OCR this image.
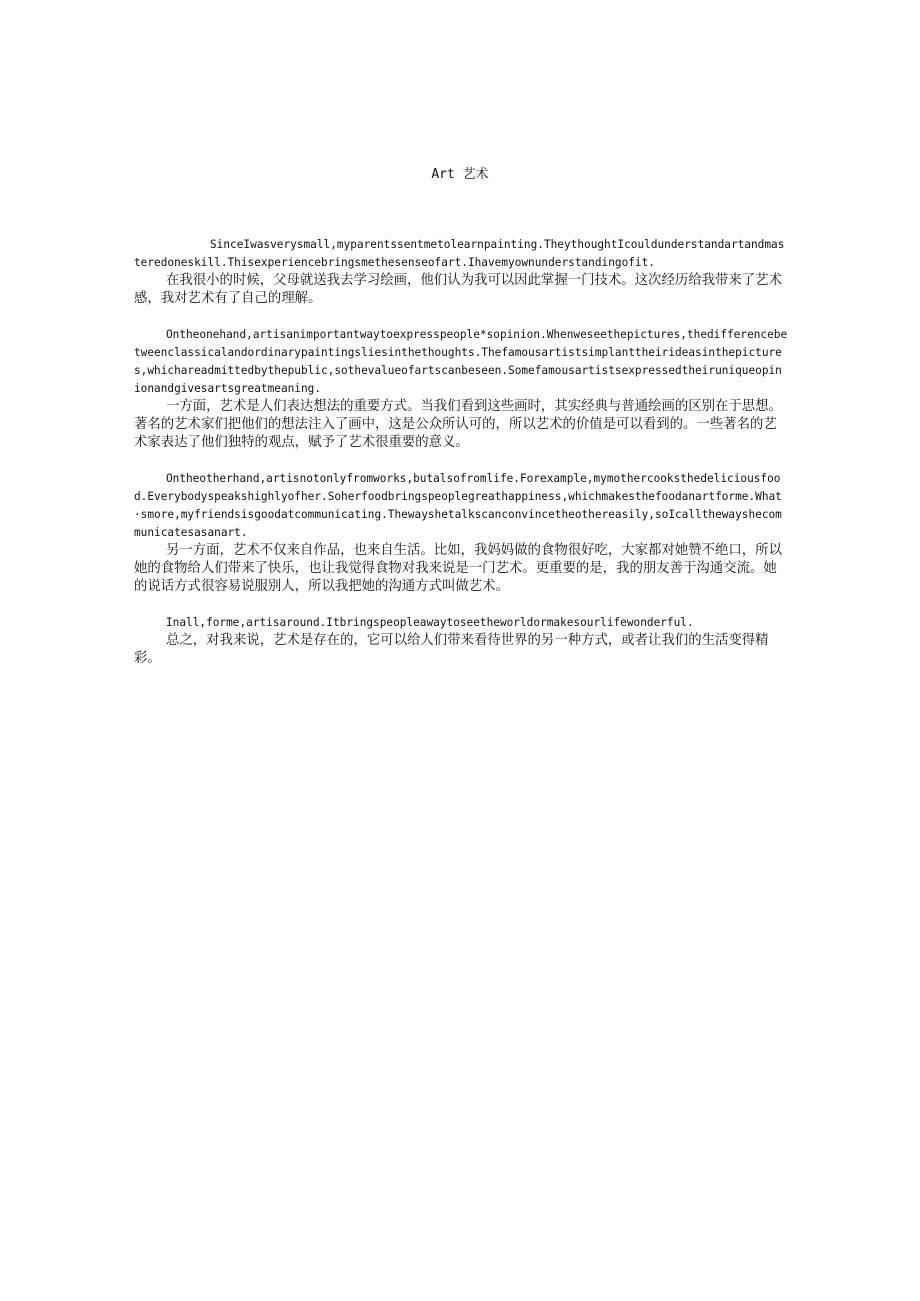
Art 艺术

SinceIwasverysmall,myparentssentmetolearnpainting.TheythoughtIcouldunderstandartandmasteredoneskill.Thisexperiencebringsmethesenseofart.Ihavemyownunderstandingofit.

在我很小的时候，父母就送我去学习绘画，他们认为我可以因此掌握一门技术。这次经历给我带来了艺术感，我对艺术有了自己的理解。

Ontheonehand,artisanimportantwaytoexpresspeople*sopinion.Whenweseethepictures,thedifferencebetweenclassicalandordinarypaintingsliesinthethoughts.Thefamousartistsimplanttheirideasinthepictures,whichareadmittedbythepublic,sothevalueofartscanbeseen.Somefamousartistsexpressedtheiruniqueopinionandgivesartsgreatmeaning.

一方面，艺术是人们表达想法的重要方式。当我们看到这些画时，其实经典与普通绘画的区别在于思想。著名的艺术家们把他们的想法注入了画中，这是公众所认可的，所以艺术的价值是可以看到的。一些著名的艺术家表达了他们独特的观点，赋予了艺术很重要的意义。

Ontheotherhand,artisnotonlyfromworks,butalsofromlife.Forexample,mymothercooksthedeliciousfood.Everybodyspeakshighlyofher.Soherfoodbringspeoplegreathappiness,whichmakesthefoodanartforme.What·smore,myfriendsisgoodatcommunicating.Thewayshetalkscanconvincetheothereasily,soIcallthewayshecommunicatesasanart.

另一方面，艺术不仅来自作品，也来自生活。比如，我妈妈做的食物很好吃，大家都对她赞不绝口，所以她的食物给人们带来了快乐，也让我觉得食物对我来说是一门艺术。更重要的是，我的朋友善于沟通交流。她的说话方式很容易说服别人，所以我把她的沟通方式叫做艺术。

Inall,forme,artisaround.Itbringspeopleawaytoseetheworldormakesourlifewonderful.

总之，对我来说，艺术是存在的，它可以给人们带来看待世界的另一种方式，或者让我们的生活变得精彩。
